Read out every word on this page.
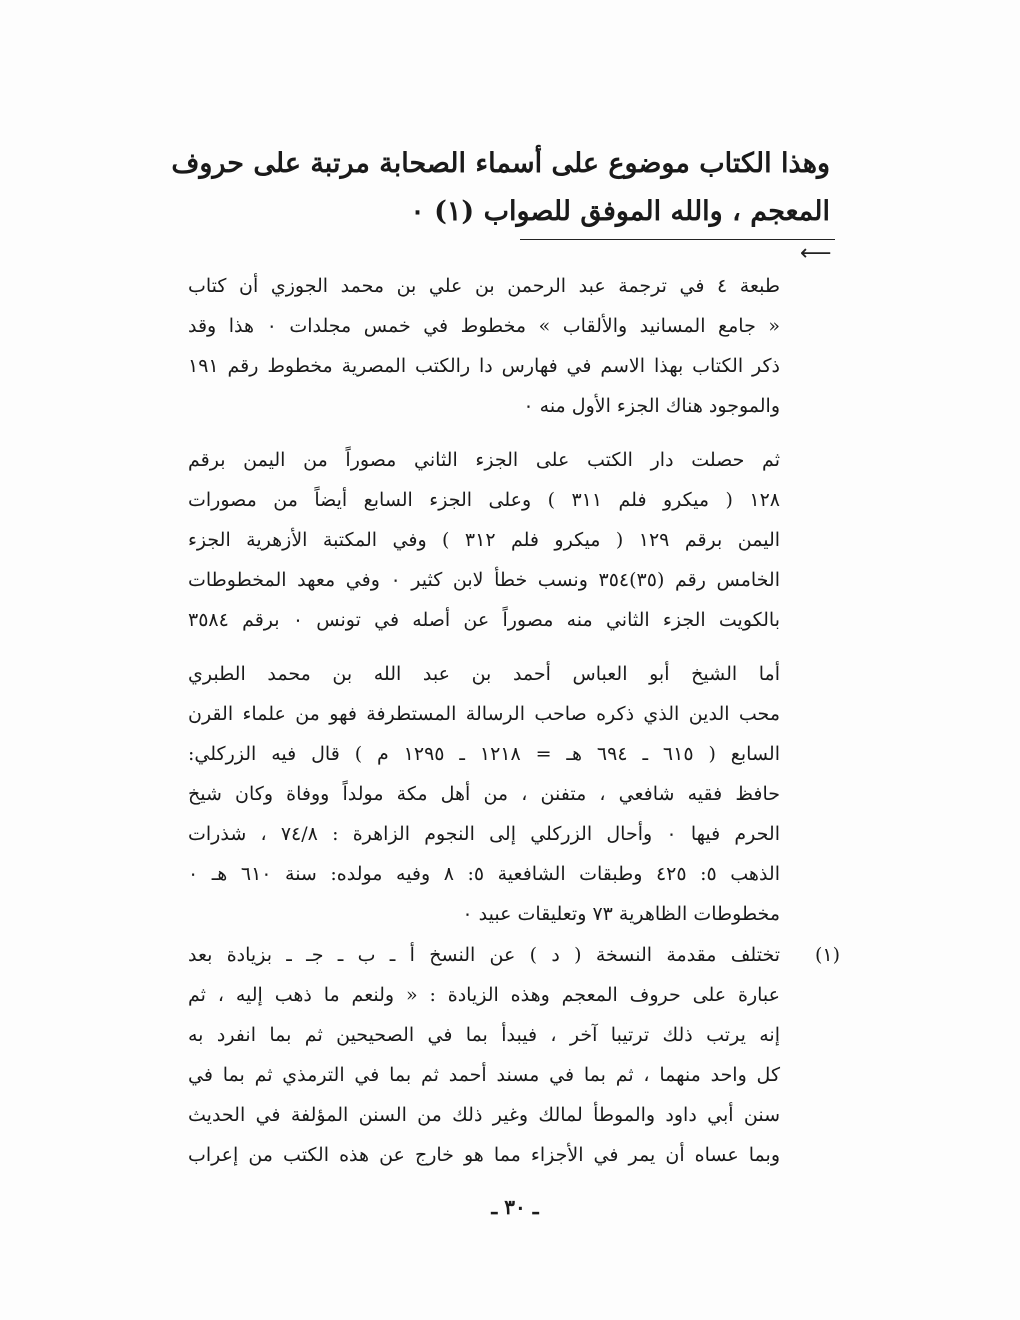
وهذا الكتاب موضوع على أسماء الصحابة مرتبة على حروف
المعجم ، والله الموفق للصواب (١) ٠
⟵
طبعة ٤ في ترجمة عبد الرحمن بن علي بن محمد الجوزي أن كتاب
« جامع المسانيد والألقاب » مخطوط في خمس مجلدات ٠ هذا وقد
ذكر الكتاب بهذا الاسم في فهارس دا رالكتب المصرية مخطوط رقم ١٩١
والموجود هناك الجزء الأول منه ٠
ثم حصلت دار الكتب على الجزء الثاني مصوراً من اليمن برقم
١٢٨ ( ميكرو فلم ٣١١ ) وعلى الجزء السابع أيضاً من مصورات
اليمن برقم ١٢٩ ( ميكرو فلم ٣١٢ ) وفي المكتبة الأزهرية الجزء
الخامس رقم (٣٥)٣٥٤ ونسب خطأ لابن كثير ٠ وفي معهد المخطوطات
بالكويت الجزء الثاني منه مصوراً عن أصله في تونس ٠ برقم ٣٥٨٤
أما الشيخ أبو العباس أحمد بن عبد الله بن محمد الطبري
محب الدين الذي ذكره صاحب الرسالة المستطرفة فهو من علماء القرن
السابع ( ٦١٥ ـ ٦٩٤ هـ = ١٢١٨ ـ ١٢٩٥ م ) قال فيه الزركلي:
حافظ فقيه شافعي ، متفنن ، من أهل مكة مولداً ووفاة وكان شيخ
الحرم فيها ٠ وأحال الزركلي إلى النجوم الزاهرة : ٧٤/٨ ، شذرات
الذهب ٥: ٤٢٥ وطبقات الشافعية ٥: ٨ وفيه مولده: سنة ٦١٠ هـ ٠
مخطوطات الظاهرية ٧٣ وتعليقات عبيد ٠
(١)
تختلف مقدمة النسخة ( د ) عن النسخ أ ـ ب ـ جـ ـ بزيادة بعد
عبارة على حروف المعجم وهذه الزيادة : « ولنعم ما ذهب إليه ، ثم
إنه يرتب ذلك ترتيبا آخر ، فيبدأ بما في الصحيحين ثم بما انفرد به
كل واحد منهما ، ثم بما في مسند أحمد ثم بما في الترمذي ثم بما في
سنن أبي داود والموطأ لمالك وغير ذلك من السنن المؤلفة في الحديث
وبما عساه أن يمر في الأجزاء مما هو خارج عن هذه الكتب من إعراب
ـ ٣٠ ـ
